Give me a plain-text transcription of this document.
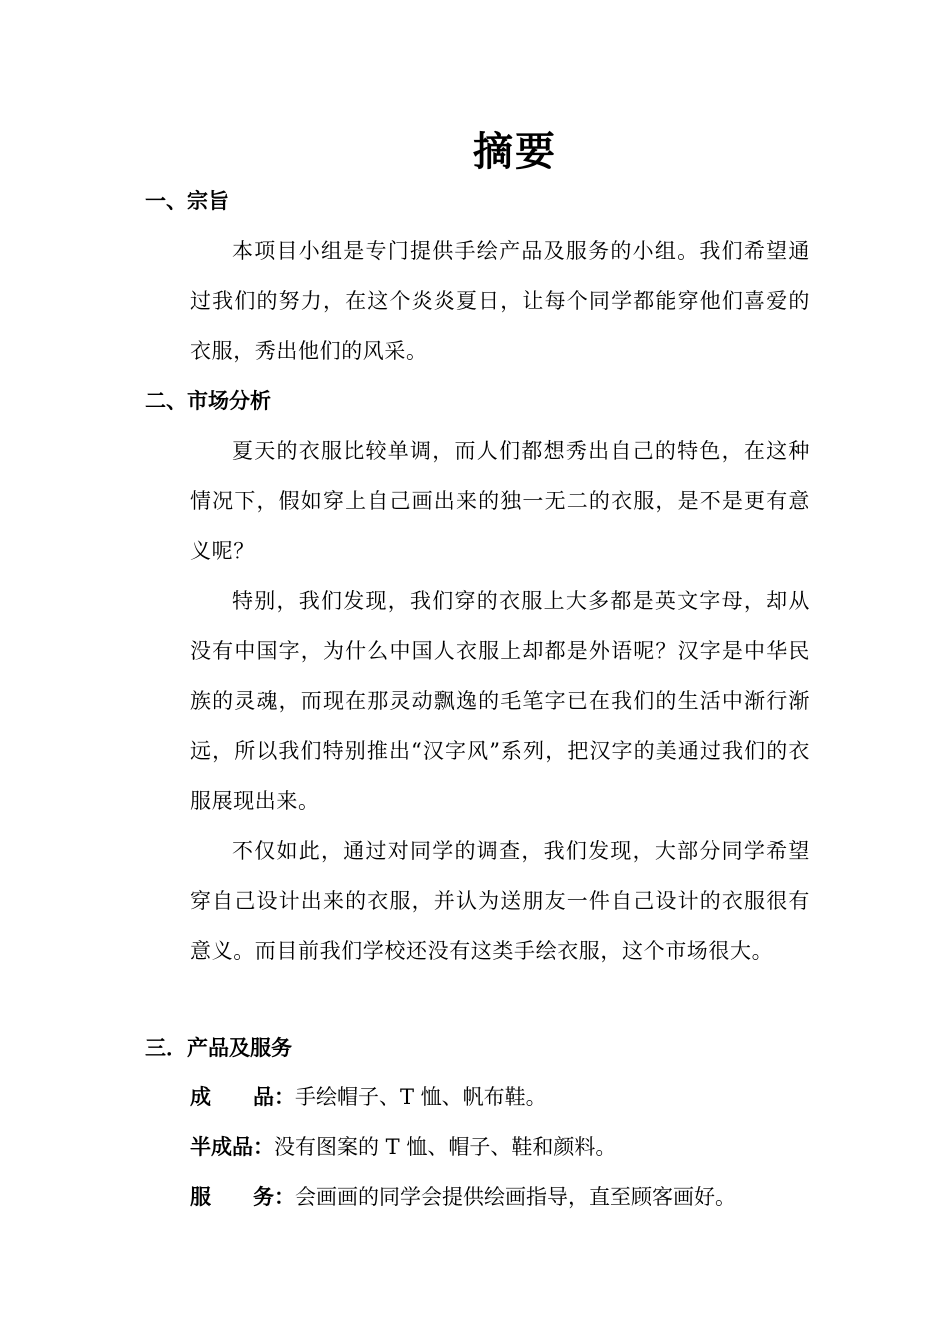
摘要
一、宗旨
本项目小组是专门提供手绘产品及服务的小组。我们希望通过我们的努力，在这个炎炎夏日，让每个同学都能穿他们喜爱的衣服，秀出他们的风采。
二、市场分析
夏天的衣服比较单调，而人们都想秀出自己的特色，在这种情况下，假如穿上自己画出来的独一无二的衣服，是不是更有意义呢？
特别，我们发现，我们穿的衣服上大多都是英文字母，却从没有中国字，为什么中国人衣服上却都是外语呢？汉字是中华民族的灵魂，而现在那灵动飘逸的毛笔字已在我们的生活中渐行渐远，所以我们特别推出“汉字风”系列，把汉字的美通过我们的衣服展现出来。
不仅如此，通过对同学的调查，我们发现，大部分同学希望穿自己设计出来的衣服，并认为送朋友一件自己设计的衣服很有意义。而目前我们学校还没有这类手绘衣服，这个市场很大。
三．产品及服务
成 品：手绘帽子、T 恤、帆布鞋。
半成品：没有图案的 T 恤、帽子、鞋和颜料。
服 务：会画画的同学会提供绘画指导，直至顾客画好。
